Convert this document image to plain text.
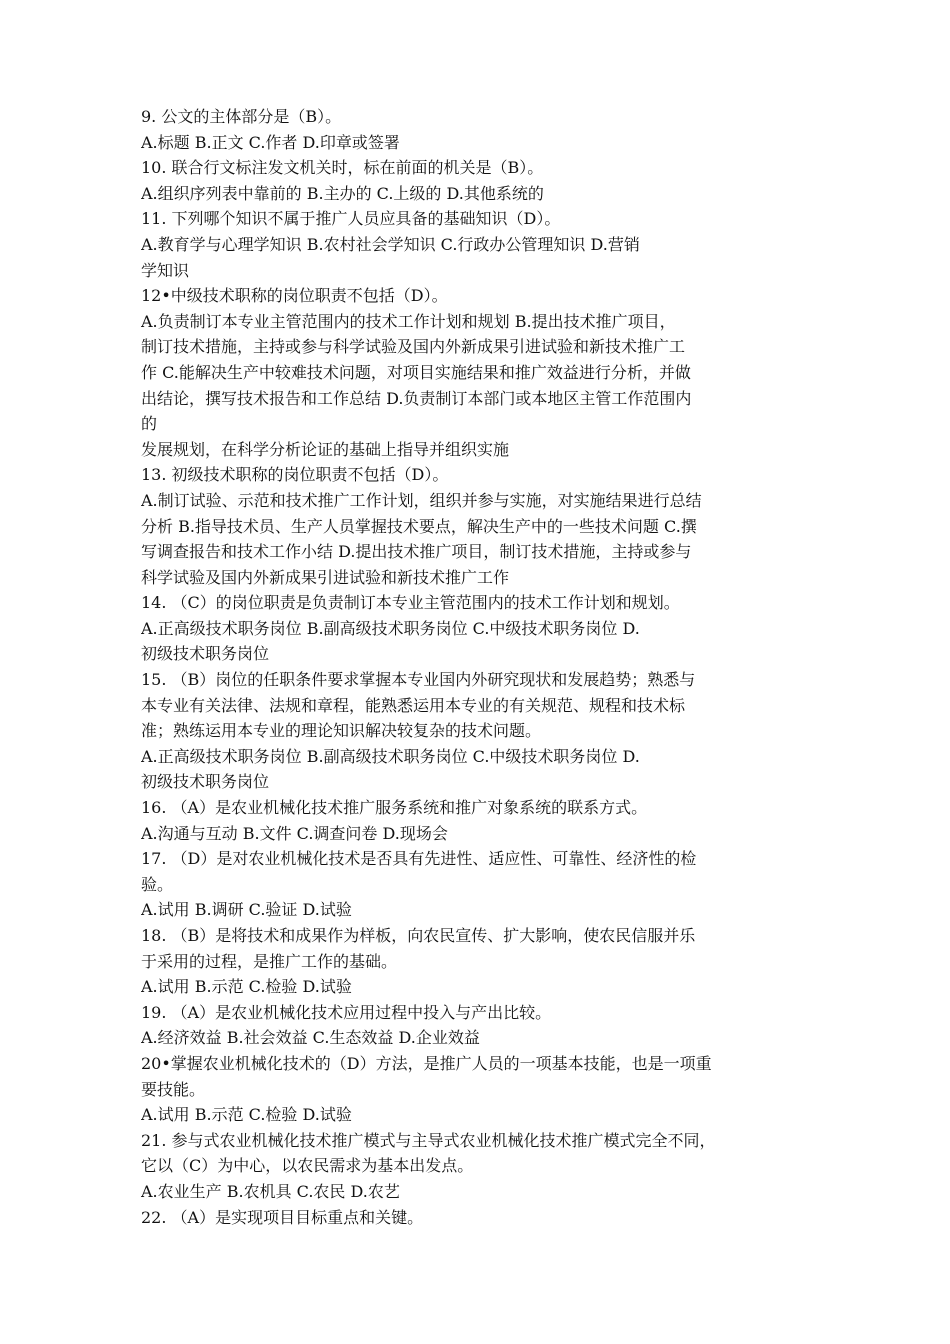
9. 公文的主体部分是（B）。
A.标题 B.正文 C.作者 D.印章或签署
10. 联合行文标注发文机关时，标在前面的机关是（B）。
A.组织序列表中靠前的 B.主办的 C.上级的 D.其他系统的
11. 下列哪个知识不属于推广人员应具备的基础知识（D）。
A.教育学与心理学知识 B.农村社会学知识 C.行政办公管理知识 D.营销
学知识
12•中级技术职称的岗位职责不包括（D）。
A.负责制订本专业主管范围内的技术工作计划和规划 B.提出技术推广项目，
制订技术措施，主持或参与科学试验及国内外新成果引进试验和新技术推广工
作 C.能解决生产中较难技术问题，对项目实施结果和推广效益进行分析，并做
出结论，撰写技术报告和工作总结 D.负责制订本部门或本地区主管工作范围内
的
发展规划，在科学分析论证的基础上指导并组织实施
13. 初级技术职称的岗位职责不包括（D）。
A.制订试验、示范和技术推广工作计划，组织并参与实施，对实施结果进行总结
分析 B.指导技术员、生产人员掌握技术要点，解决生产中的一些技术问题 C.撰
写调查报告和技术工作小结 D.提出技术推广项目，制订技术措施，主持或参与
科学试验及国内外新成果引进试验和新技术推广工作
14. （C）的岗位职责是负责制订本专业主管范围内的技术工作计划和规划。
A.正高级技术职务岗位 B.副高级技术职务岗位 C.中级技术职务岗位 D.
初级技术职务岗位
15. （B）岗位的任职条件要求掌握本专业国内外研究现状和发展趋势；熟悉与
本专业有关法律、法规和章程，能熟悉运用本专业的有关规范、规程和技术标
准；熟练运用本专业的理论知识解决较复杂的技术问题。
A.正高级技术职务岗位 B.副高级技术职务岗位 C.中级技术职务岗位 D.
初级技术职务岗位
16. （A）是农业机械化技术推广服务系统和推广对象系统的联系方式。
A.沟通与互动 B.文件 C.调查问卷 D.现场会
17. （D）是对农业机械化技术是否具有先进性、适应性、可靠性、经济性的检
验。
A.试用 B.调研 C.验证 D.试验
18. （B）是将技术和成果作为样板，向农民宣传、扩大影响，使农民信服并乐
于采用的过程，是推广工作的基础。
A.试用 B.示范 C.检验 D.试验
19. （A）是农业机械化技术应用过程中投入与产出比较。
A.经济效益 B.社会效益 C.生态效益 D.企业效益
20•掌握农业机械化技术的（D）方法，是推广人员的一项基本技能，也是一项重
要技能。
A.试用 B.示范 C.检验 D.试验
21. 参与式农业机械化技术推广模式与主导式农业机械化技术推广模式完全不同，
它以（C）为中心，以农民需求为基本出发点。
A.农业生产 B.农机具 C.农民 D.农艺
22. （A）是实现项目目标重点和关键。
